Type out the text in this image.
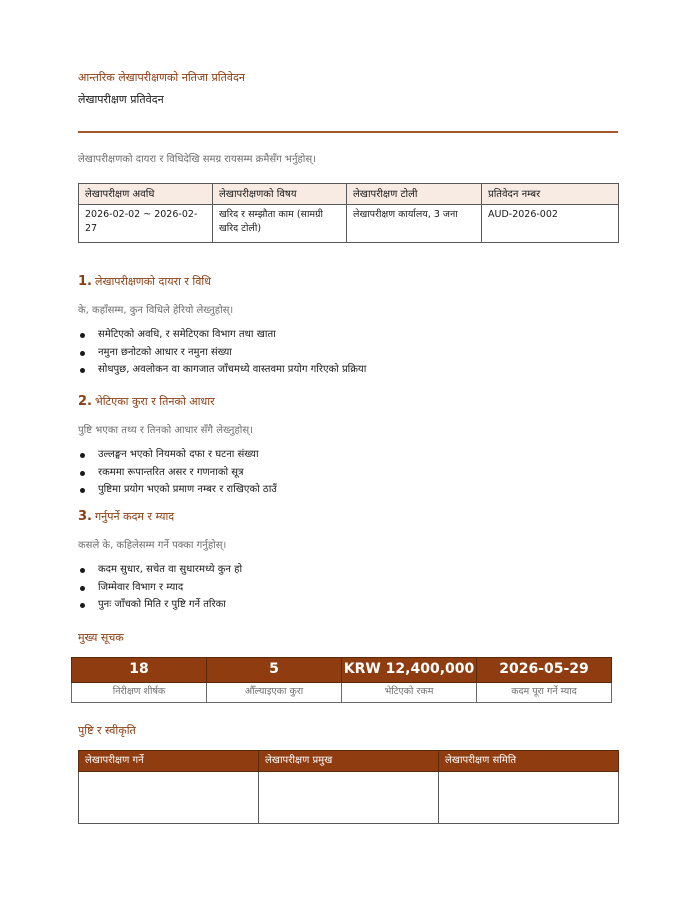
आन्तरिक लेखापरीक्षणको नतिजा प्रतिवेदन
लेखापरीक्षण प्रतिवेदन
लेखापरीक्षणको दायरा र विधिदेखि समग्र रायसम्म क्रमैसँग भर्नुहोस्।
लेखापरीक्षण अवधि	लेखापरीक्षणको विषय	लेखापरीक्षण टोली	प्रतिवेदन नम्बर
2026-02-02 ~ 2026-02-27	खरिद र सम्झौता काम (सामग्री खरिद टोली)	लेखापरीक्षण कार्यालय, 3 जना	AUD-2026-002
1. लेखापरीक्षणको दायरा र विधि
के, कहाँसम्म, कुन विधिले हेरियो लेख्नुहोस्।
समेटिएको अवधि, र समेटिएका विभाग तथा खाता
नमुना छनोटको आधार र नमुना संख्या
सोधपुछ, अवलोकन वा कागजात जाँचमध्ये वास्तवमा प्रयोग गरिएको प्रक्रिया
2. भेटिएका कुरा र तिनको आधार
पुष्टि भएका तथ्य र तिनको आधार सँगै लेख्नुहोस्।
उल्लङ्घन भएको नियमको दफा र घटना संख्या
रकममा रूपान्तरित असर र गणनाको सूत्र
पुष्टिमा प्रयोग भएको प्रमाण नम्बर र राखिएको ठाउँ
3. गर्नुपर्ने कदम र म्याद
कसले के, कहिलेसम्म गर्ने पक्का गर्नुहोस्।
कदम सुधार, सचेत वा सुधारमध्ये कुन हो
जिम्मेवार विभाग र म्याद
पुनः जाँचको मिति र पुष्टि गर्ने तरिका
मुख्य सूचक
18	5	KRW 12,400,000	2026-05-29
निरीक्षण शीर्षक	औँल्याइएका कुरा	भेटिएको रकम	कदम पूरा गर्ने म्याद
पुष्टि र स्वीकृति
लेखापरीक्षण गर्ने	लेखापरीक्षण प्रमुख	लेखापरीक्षण समिति
